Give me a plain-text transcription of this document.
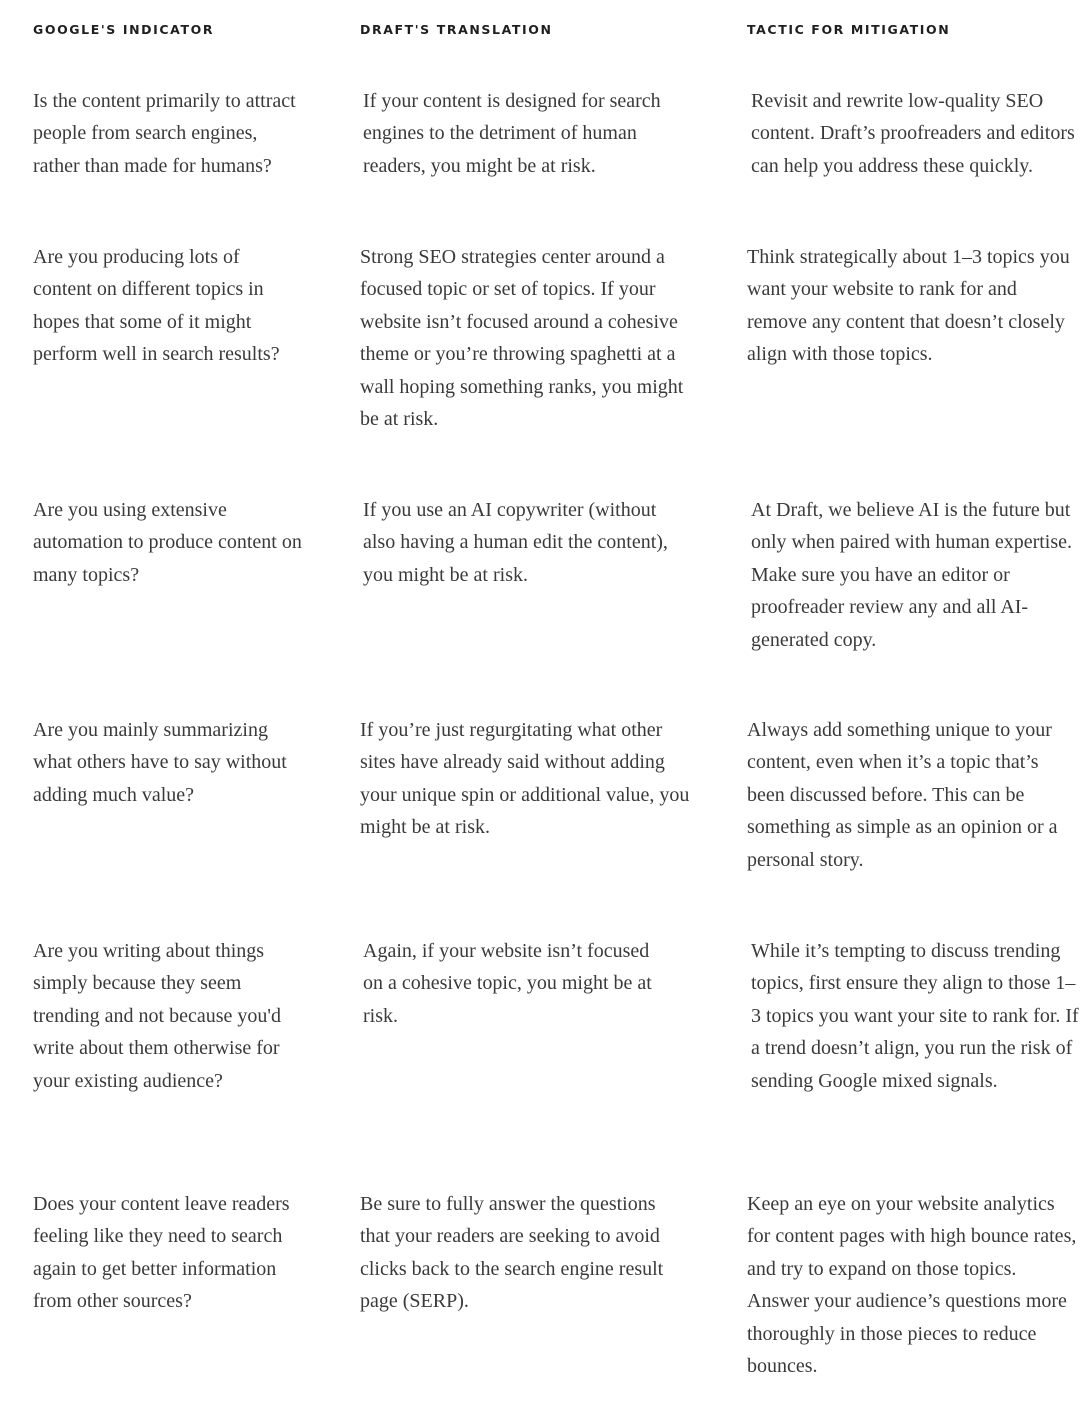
GOOGLE'S INDICATOR	DRAFT'S TRANSLATION	TACTIC FOR MITIGATION

Is the content primarily to attract people from search engines, rather than made for humans?

If your content is designed for search engines to the detriment of human readers, you might be at risk.

Revisit and rewrite low-quality SEO content. Draft’s proofreaders and editors can help you address these quickly.

Are you producing lots of content on different topics in hopes that some of it might perform well in search results?

Strong SEO strategies center around a focused topic or set of topics. If your website isn’t focused around a cohesive theme or you’re throwing spaghetti at a wall hoping something ranks, you might be at risk.

Think strategically about 1–3 topics you want your website to rank for and remove any content that doesn’t closely align with those topics.

Are you using extensive automation to produce content on many topics?

If you use an AI copywriter (without also having a human edit the content), you might be at risk.

At Draft, we believe AI is the future but only when paired with human expertise. Make sure you have an editor or proofreader review any and all AI-generated copy.

Are you mainly summarizing what others have to say without adding much value?

If you’re just regurgitating what other sites have already said without adding your unique spin or additional value, you might be at risk.

Always add something unique to your content, even when it’s a topic that’s been discussed before. This can be something as simple as an opinion or a personal story.

Are you writing about things simply because they seem trending and not because you'd write about them otherwise for your existing audience?

Again, if your website isn’t focused on a cohesive topic, you might be at risk.

While it’s tempting to discuss trending topics, first ensure they align to those 1–3 topics you want your site to rank for. If a trend doesn’t align, you run the risk of sending Google mixed signals.

Does your content leave readers feeling like they need to search again to get better information from other sources?

Be sure to fully answer the questions that your readers are seeking to avoid clicks back to the search engine result page (SERP).

Keep an eye on your website analytics for content pages with high bounce rates, and try to expand on those topics. Answer your audience’s questions more thoroughly in those pieces to reduce bounces.
